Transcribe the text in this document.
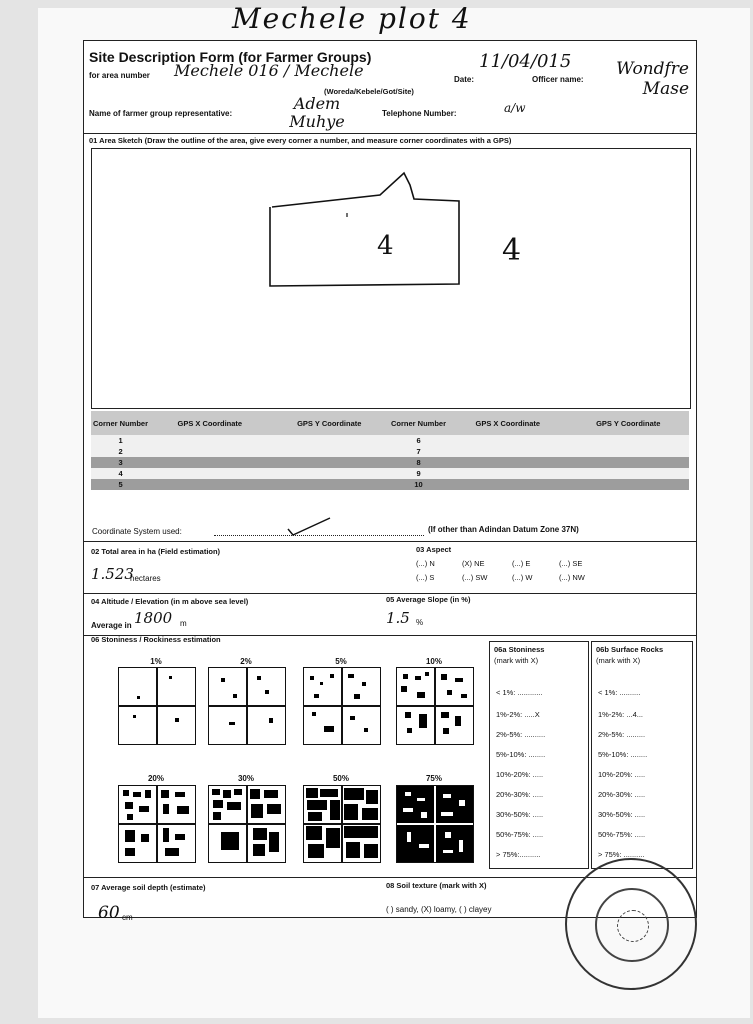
Mechele plot 4
Site Description Form (for Farmer Groups)
for area number Mechele 016 / Mechele
(Woreda/Kebele/Got/Site)
Date:
11/04/015
Officer name:
Wondfre Mase
Name of farmer group representative:
Adem Muhye	Telephone Number:	a/w
01 Area Sketch (Draw the outline of the area, give every corner a number, and measure corner coordinates with a GPS)
4	4
Corner Number	GPS X Coordinate	GPS Y Coordinate	Corner Number	GPS X Coordinate	GPS Y Coordinate
1			6		
2			7		
3			8		
4			9		
5			10		
Coordinate System used:	(If other than Adindan Datum Zone 37N)
02 Total area in ha (Field estimation)
1.523
hectares
03 Aspect
(...) N	(X) NE	(...) E	(...) SE
(...) S	(...) SW	(...) W	(...) NW
04 Altitude / Elevation (in m above sea level)
Average in 1800 m
05 Average Slope (in %)
1.5 %
06 Stoniness / Rockiness estimation
1%	2%	5%	10%
20%	30%	50%	75%
06a Stoniness
(mark with X)
< 1%: ............
1%-2%: .....X
2%-5%: ..........
5%-10%: ........
10%-20%: .....
20%-30%: .....
30%-50%: .....
50%-75%: .....
> 75%:..........
06b Surface Rocks
(mark with X)
< 1%: ..........
1%-2%: ...4...
2%-5%: .........
5%-10%: ........
10%-20%: .....
20%-30%: .....
30%-50%: .....
50%-75%: .....
> 75%: ..........
07 Average soil depth (estimate)
60 cm
08 Soil texture (mark with X)
( ) sandy, (X) loamy, ( ) clayey
